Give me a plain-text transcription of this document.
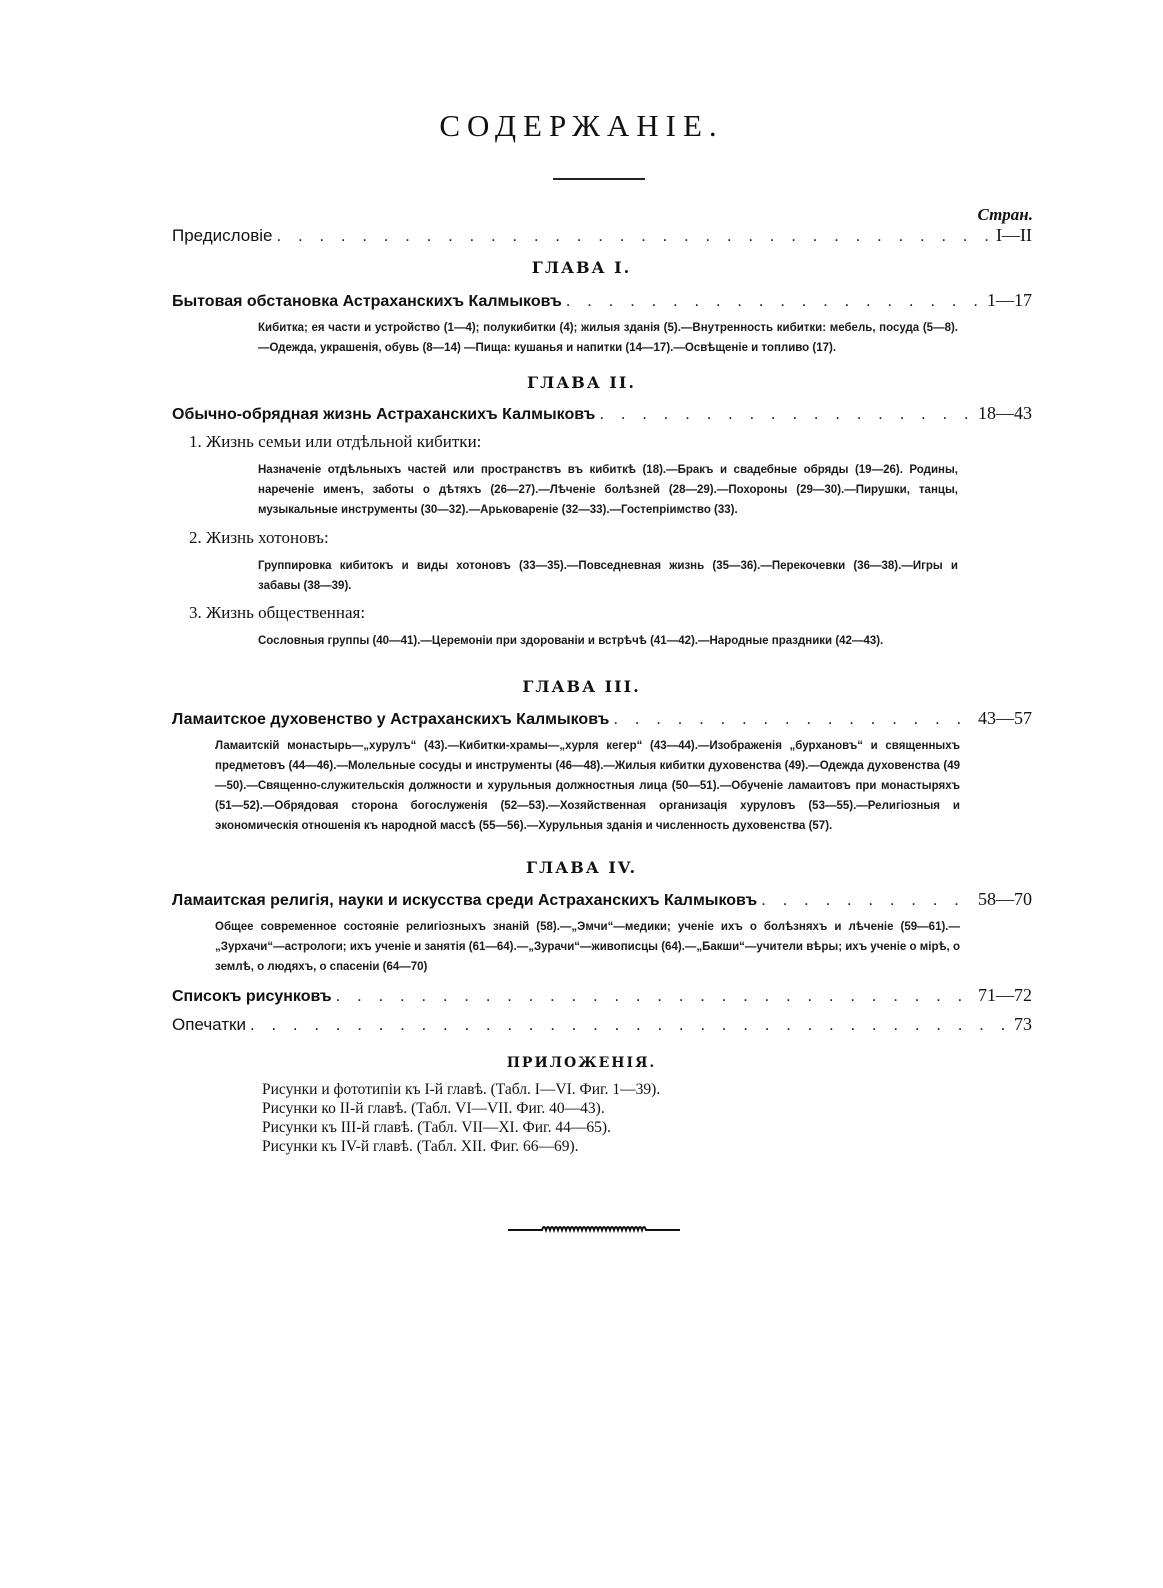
СОДЕРЖАНІЕ.
Стран.
Предисловіе . . .	I—II
ГЛАВА I.
Бытовая обстановка Астраханскихъ Калмыковъ . . .	1—17
Кибитка; ея части и устройство (1—4); полукибитки (4); жилыя зданія (5).—Внутренность кибитки: мебель, посуда (5—8).—Одежда, украшенія, обувь (8—14) —Пища: кушанья и напитки (14—17).—Освѣщеніе и топливо (17).
ГЛАВА II.
Обычно-обрядная жизнь Астраханскихъ Калмыковъ . . .	18—43
1. Жизнь семьи или отдѣльной кибитки:
Назначеніе отдѣльныхъ частей или пространствъ въ кибиткѣ (18).—Бракъ и свадебные обряды (19—26). Родины, нареченіе именъ, заботы о дѣтяхъ (26—27).—Лѣченіе болѣзней (28—29).—Похороны (29—30).—Пирушки, танцы, музыкальные инструменты (30—32).—Арьковареніе (32—33).—Гостепріимство (33).
2. Жизнь хотоновъ:
Группировка кибитокъ и виды хотоновъ (33—35).—Повседневная жизнь (35—36).—Перекочевки (36—38).—Игры и забавы (38—39).
3. Жизнь общественная:
Сословныя группы (40—41).—Церемоніи при здорованіи и встрѣчѣ (41—42).—Народные праздники (42—43).
ГЛАВА III.
Ламаитское духовенство у Астраханскихъ Калмыковъ . . .	43—57
Ламаитскій монастырь—„хурулъ“ (43).—Кибитки-храмы—„хурля кегер“ (43—44).—Изображенія „бурхановъ“ и священныхъ предметовъ (44—46).—Молельные сосуды и инструменты (46—48).—Жилыя кибитки духовенства (49).—Одежда духовенства (49—50).—Священно-служительскія должности и хурульныя должностныя лица (50—51).—Обученіе ламаитовъ при монастыряхъ (51—52).—Обрядовая сторона богослуженія (52—53).—Хозяйственная организація хуруловъ (53—55).—Религіозныя и экономическія отношенія къ народной массѣ (55—56).—Хурульныя зданія и численность духовенства (57).
ГЛАВА IV.
Ламаитская религія, науки и искусства среди Астраханскихъ Калмыковъ . . .	58—70
Общее современное состояніе религіозныхъ знаній (58).—„Эмчи“—медики; ученіе ихъ о болѣзняхъ и лѣченіе (59—61).—„Зурхачи“—астрологи; ихъ ученіе и занятія (61—64).—„Зурачи“—живописцы (64).—„Бакши“—учители вѣры; ихъ ученіе о мірѣ, о землѣ, о людяхъ, о спасеніи (64—70)
Списокъ рисунковъ . . .	71—72
Опечатки . . .	73
ПРИЛОЖЕНІЯ.
Рисунки и фототипіи къ I-й главѣ. (Табл. I—VI. Фиг. 1—39).
Рисунки ко II-й главѣ. (Табл. VI—VII. Фиг. 40—43).
Рисунки къ III-й главѣ. (Табл. VII—XI. Фиг. 44—65).
Рисунки къ IV-й главѣ. (Табл. XII. Фиг. 66—69).
